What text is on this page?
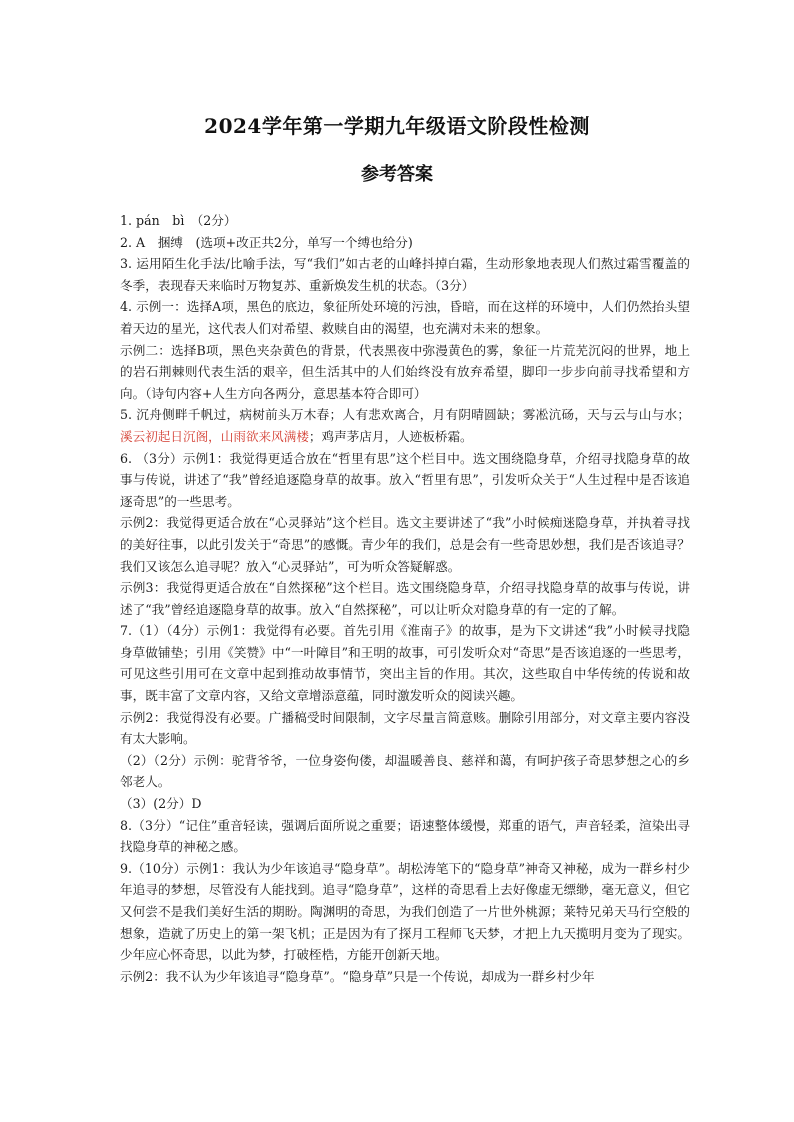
2024学年第一学期九年级语文阶段性检测
参考答案

1. pán　bì　（2分）

2. A　捆缚　(选项+改正共2分，单写一个缚也给分)

3. 运用陌生化手法/比喻手法，写“我们”如古老的山峰抖掉白霜，生动形象地表现人们熬过霜雪覆盖的冬季，表现春天来临时万物复苏、重新焕发生机的状态。（3分）

4. 示例一：选择A项，黑色的底边，象征所处环境的污浊，昏暗，而在这样的环境中，人们仍然抬头望着天边的星光，这代表人们对希望、救赎自由的渴望，也充满对未来的想象。

示例二：选择B项，黑色夹杂黄色的背景，代表黑夜中弥漫黄色的雾，象征一片荒芜沉闷的世界，地上的岩石荆棘则代表生活的艰辛，但生活其中的人们始终没有放弃希望，脚印一步步向前寻找希望和方向。（诗句内容+人生方向各两分，意思基本符合即可）

5. 沉舟侧畔千帆过，病树前头万木春；人有悲欢离合，月有阴晴圆缺；雾凇沆砀，天与云与山与水；溪云初起日沉阁，山雨欲来风满楼；鸡声茅店月，人迹板桥霜。

6. （3分）示例1：我觉得更适合放在“哲里有思”这个栏目中。选文围绕隐身草，介绍寻找隐身草的故事与传说，讲述了“我”曾经追逐隐身草的故事。放入“哲里有思”，引发听众关于“人生过程中是否该追逐奇思”的一些思考。

示例2：我觉得更适合放在“心灵驿站”这个栏目。选文主要讲述了“我”小时候痴迷隐身草，并执着寻找的美好往事，以此引发关于“奇思”的感慨。青少年的我们，总是会有一些奇思妙想，我们是否该追寻？我们又该怎么追寻呢？放入“心灵驿站”，可为听众答疑解惑。

示例3：我觉得更适合放在“自然探秘”这个栏目。选文围绕隐身草，介绍寻找隐身草的故事与传说，讲述了“我”曾经追逐隐身草的故事。放入“自然探秘”，可以让听众对隐身草的有一定的了解。

7.（1）（4分）示例1：我觉得有必要。首先引用《淮南子》的故事，是为下文讲述“我”小时候寻找隐身草做铺垫；引用《笑赞》中“一叶障目”和王明的故事，可引发听众对“奇思”是否该追逐的一些思考，可见这些引用可在文章中起到推动故事情节，突出主旨的作用。其次，这些取自中华传统的传说和故事，既丰富了文章内容，又给文章增添意蕴，同时激发听众的阅读兴趣。

示例2：我觉得没有必要。广播稿受时间限制，文字尽量言简意赅。删除引用部分，对文章主要内容没有太大影响。

（2）（2分）示例：驼背爷爷，一位身姿佝偻，却温暖善良、慈祥和蔼，有呵护孩子奇思梦想之心的乡邻老人。

（3）(2分）D

8.（3分）“记住”重音轻读，强调后面所说之重要；语速整体缓慢，郑重的语气，声音轻柔，渲染出寻找隐身草的神秘之感。

9.（10分）示例1：我认为少年该追寻“隐身草”。胡松涛笔下的“隐身草”神奇又神秘，成为一群乡村少年追寻的梦想，尽管没有人能找到。追寻“隐身草”，这样的奇思看上去好像虚无缥缈，毫无意义，但它又何尝不是我们美好生活的期盼。陶渊明的奇思，为我们创造了一片世外桃源；莱特兄弟天马行空般的想象，造就了历史上的第一架飞机；正是因为有了探月工程师飞天梦，才把上九天揽明月变为了现实。少年应心怀奇思，以此为梦，打破桎梏，方能开创新天地。

示例2：我不认为少年该追寻“隐身草”。“隐身草”只是一个传说，却成为一群乡村少年
